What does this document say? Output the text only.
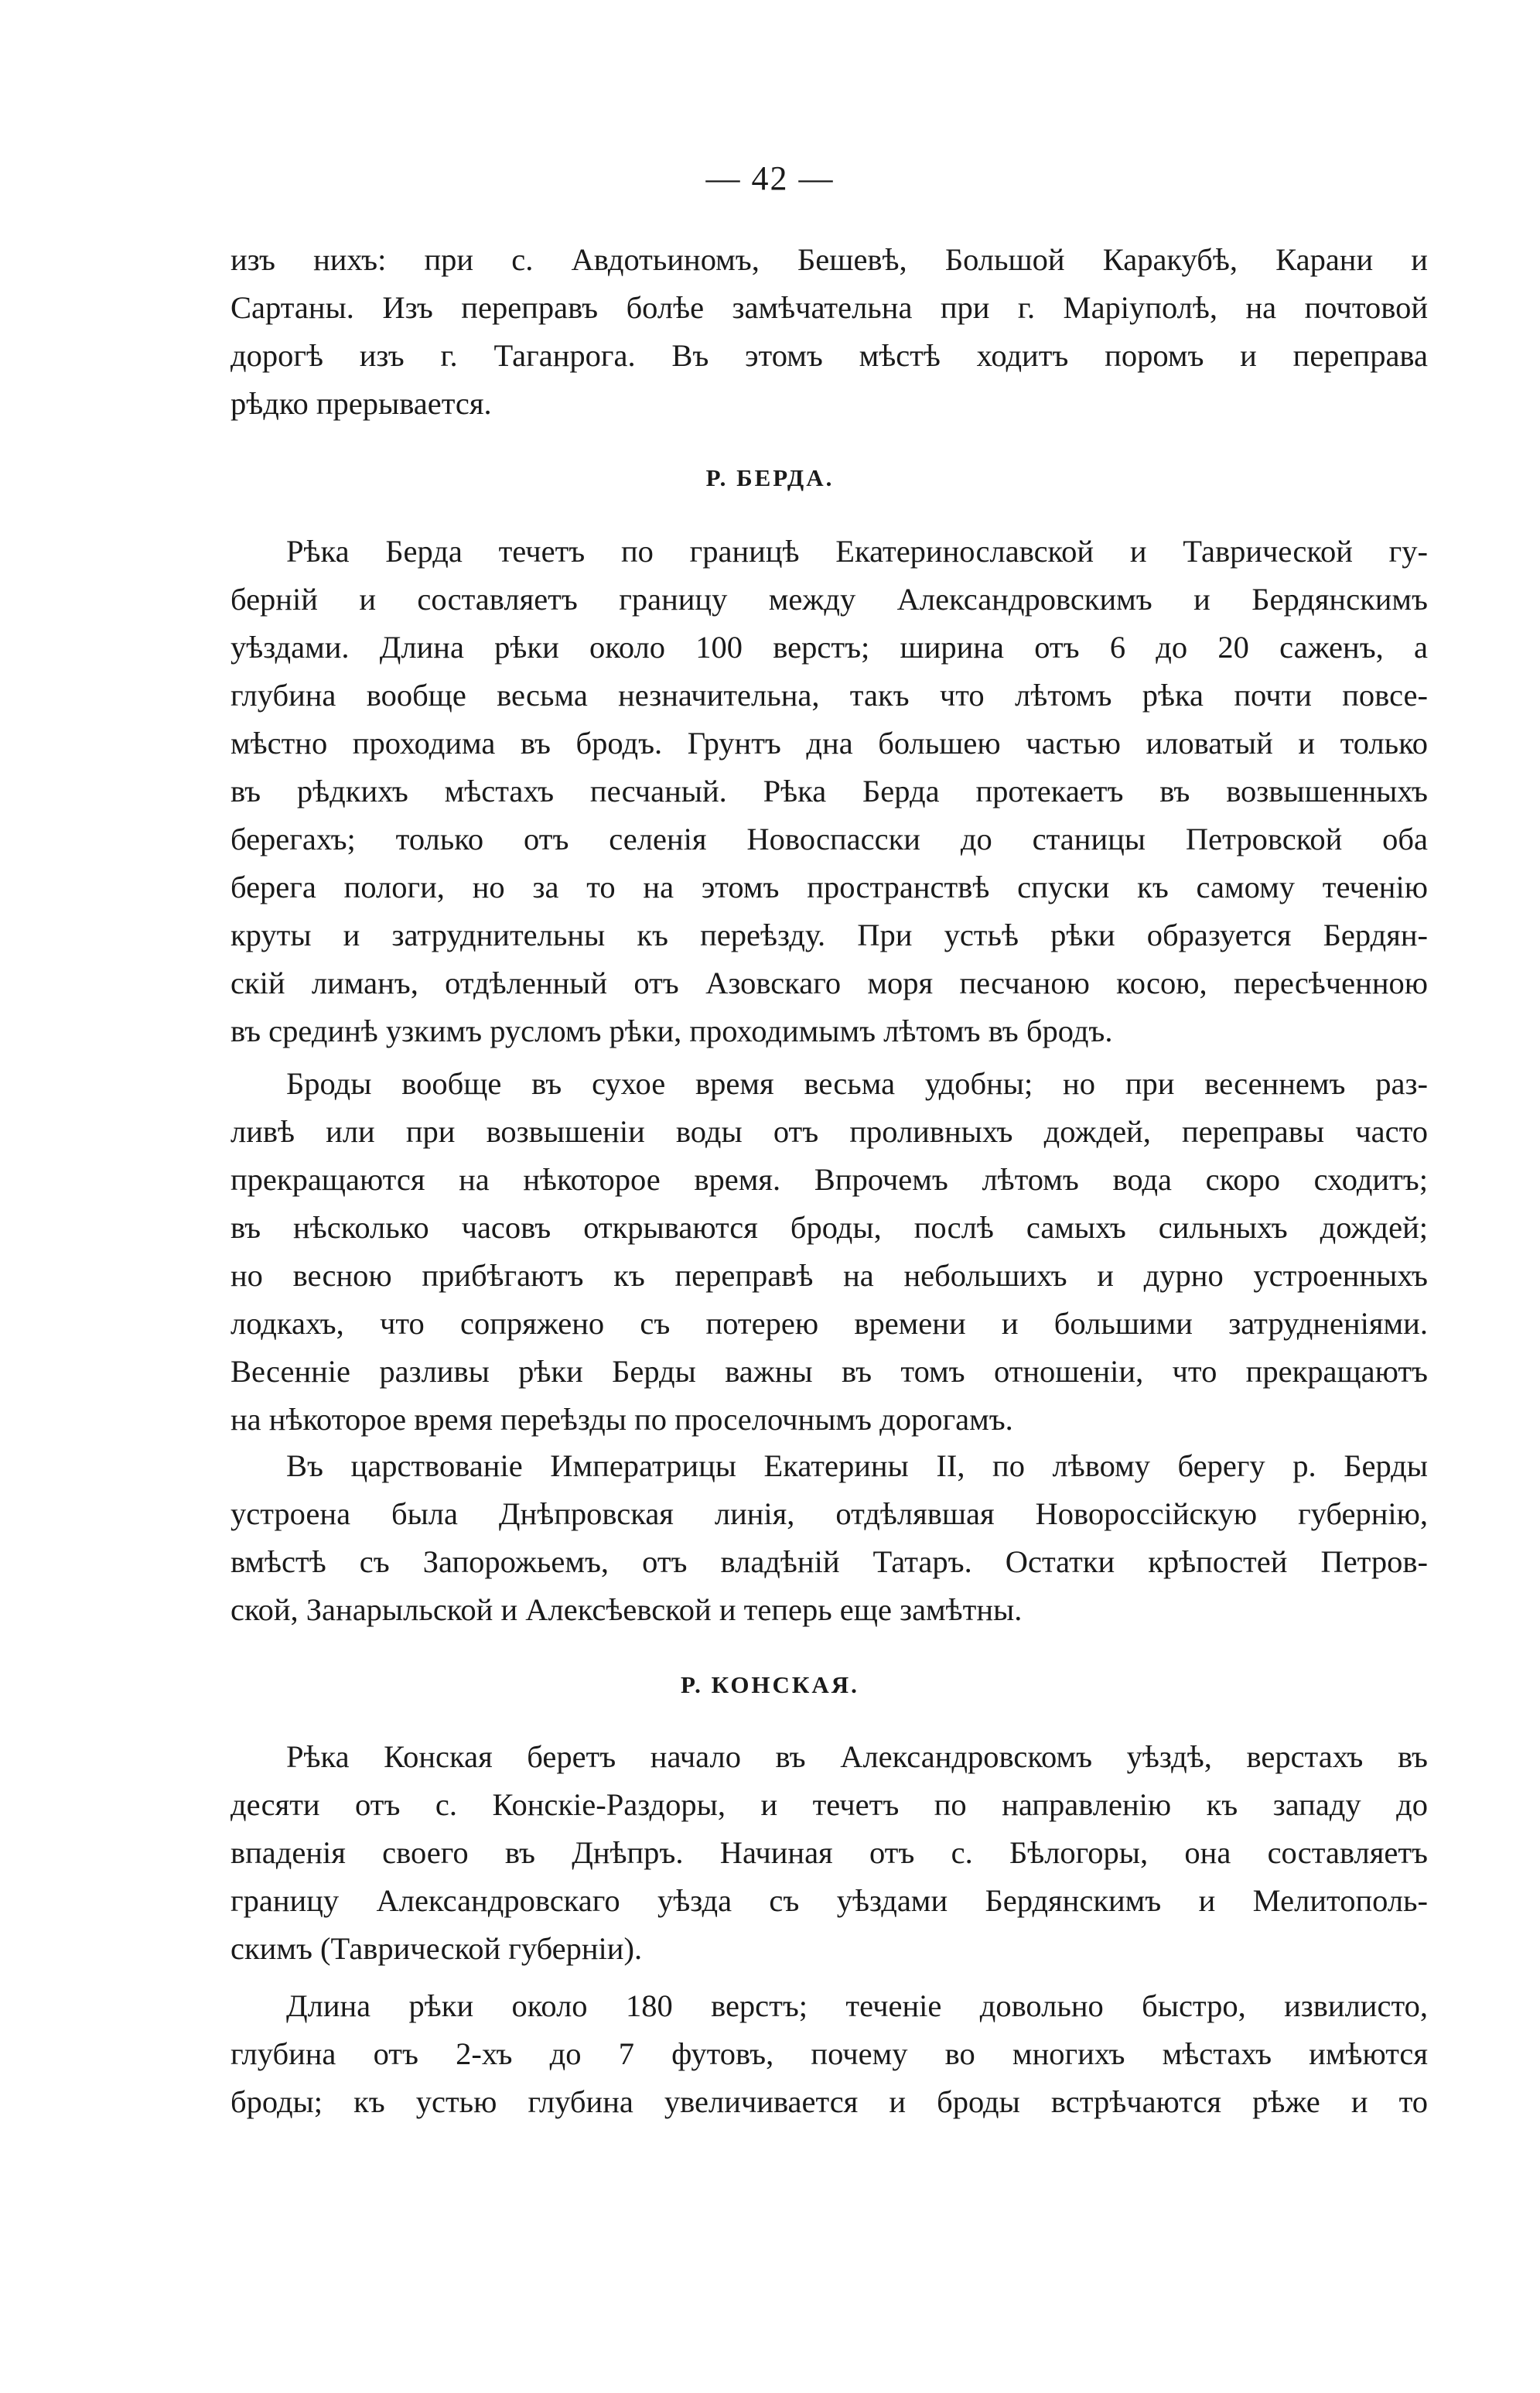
— 42 —
изъ нихъ: при с. Авдотьиномъ, Бешевѣ, Большой Каракубѣ, Карани и
Сартаны. Изъ переправъ болѣе замѣчательна при г. Маріуполѣ, на почтовой
дорогѣ изъ г. Таганрога. Въ этомъ мѣстѣ ходитъ поромъ и переправа
рѣдко прерывается.
Р. БЕРДА.
Рѣка Берда течетъ по границѣ Екатеринославской и Таврической гу-
берній и составляетъ границу между Александровскимъ и Бердянскимъ
уѣздами. Длина рѣки около 100 верстъ; ширина отъ 6 до 20 саженъ, а
глубина вообще весьма незначительна, такъ что лѣтомъ рѣка почти повсе-
мѣстно проходима въ бродъ. Грунтъ дна большею частью иловатый и только
въ рѣдкихъ мѣстахъ песчаный. Рѣка Берда протекаетъ въ возвышенныхъ
берегахъ; только отъ селенія Новоспасски до станицы Петровской оба
берега пологи, но за то на этомъ пространствѣ спуски къ самому теченію
круты и затруднительны къ переѣзду. При устьѣ рѣки образуется Бердян-
скій лиманъ, отдѣленный отъ Азовскаго моря песчаною косою, пересѣченною
въ срединѣ узкимъ русломъ рѣки, проходимымъ лѣтомъ въ бродъ.
Броды вообще въ сухое время весьма удобны; но при весеннемъ раз-
ливѣ или при возвышеніи воды отъ проливныхъ дождей, переправы часто
прекращаются на нѣкоторое время. Впрочемъ лѣтомъ вода скоро сходитъ;
въ нѣсколько часовъ открываются броды, послѣ самыхъ сильныхъ дождей;
но весною прибѣгаютъ къ переправѣ на небольшихъ и дурно устроенныхъ
лодкахъ, что сопряжено съ потерею времени и большими затрудненіями.
Весенніе разливы рѣки Берды важны въ томъ отношеніи, что прекращаютъ
на нѣкоторое время переѣзды по проселочнымъ дорогамъ.
Въ царствованіе Императрицы Екатерины II, по лѣвому берегу р. Берды
устроена была Днѣпровская линія, отдѣлявшая Новороссійскую губернію,
вмѣстѣ съ Запорожьемъ, отъ владѣній Татаръ. Остатки крѣпостей Петров-
ской, Занарыльской и Алексѣевской и теперь еще замѣтны.
Р. КОНСКАЯ.
Рѣка Конская беретъ начало въ Александровскомъ уѣздѣ, верстахъ въ
десяти отъ с. Конскіе-Раздоры, и течетъ по направленію къ западу до
впаденія своего въ Днѣпръ. Начиная отъ с. Бѣлогоры, она составляетъ
границу Александровскаго уѣзда съ уѣздами Бердянскимъ и Мелитополь-
скимъ (Таврической губерніи).
Длина рѣки около 180 верстъ; теченіе довольно быстро, извилисто,
глубина отъ 2-хъ до 7 футовъ, почему во многихъ мѣстахъ имѣются
броды; къ устью глубина увеличивается и броды встрѣчаются рѣже и то
